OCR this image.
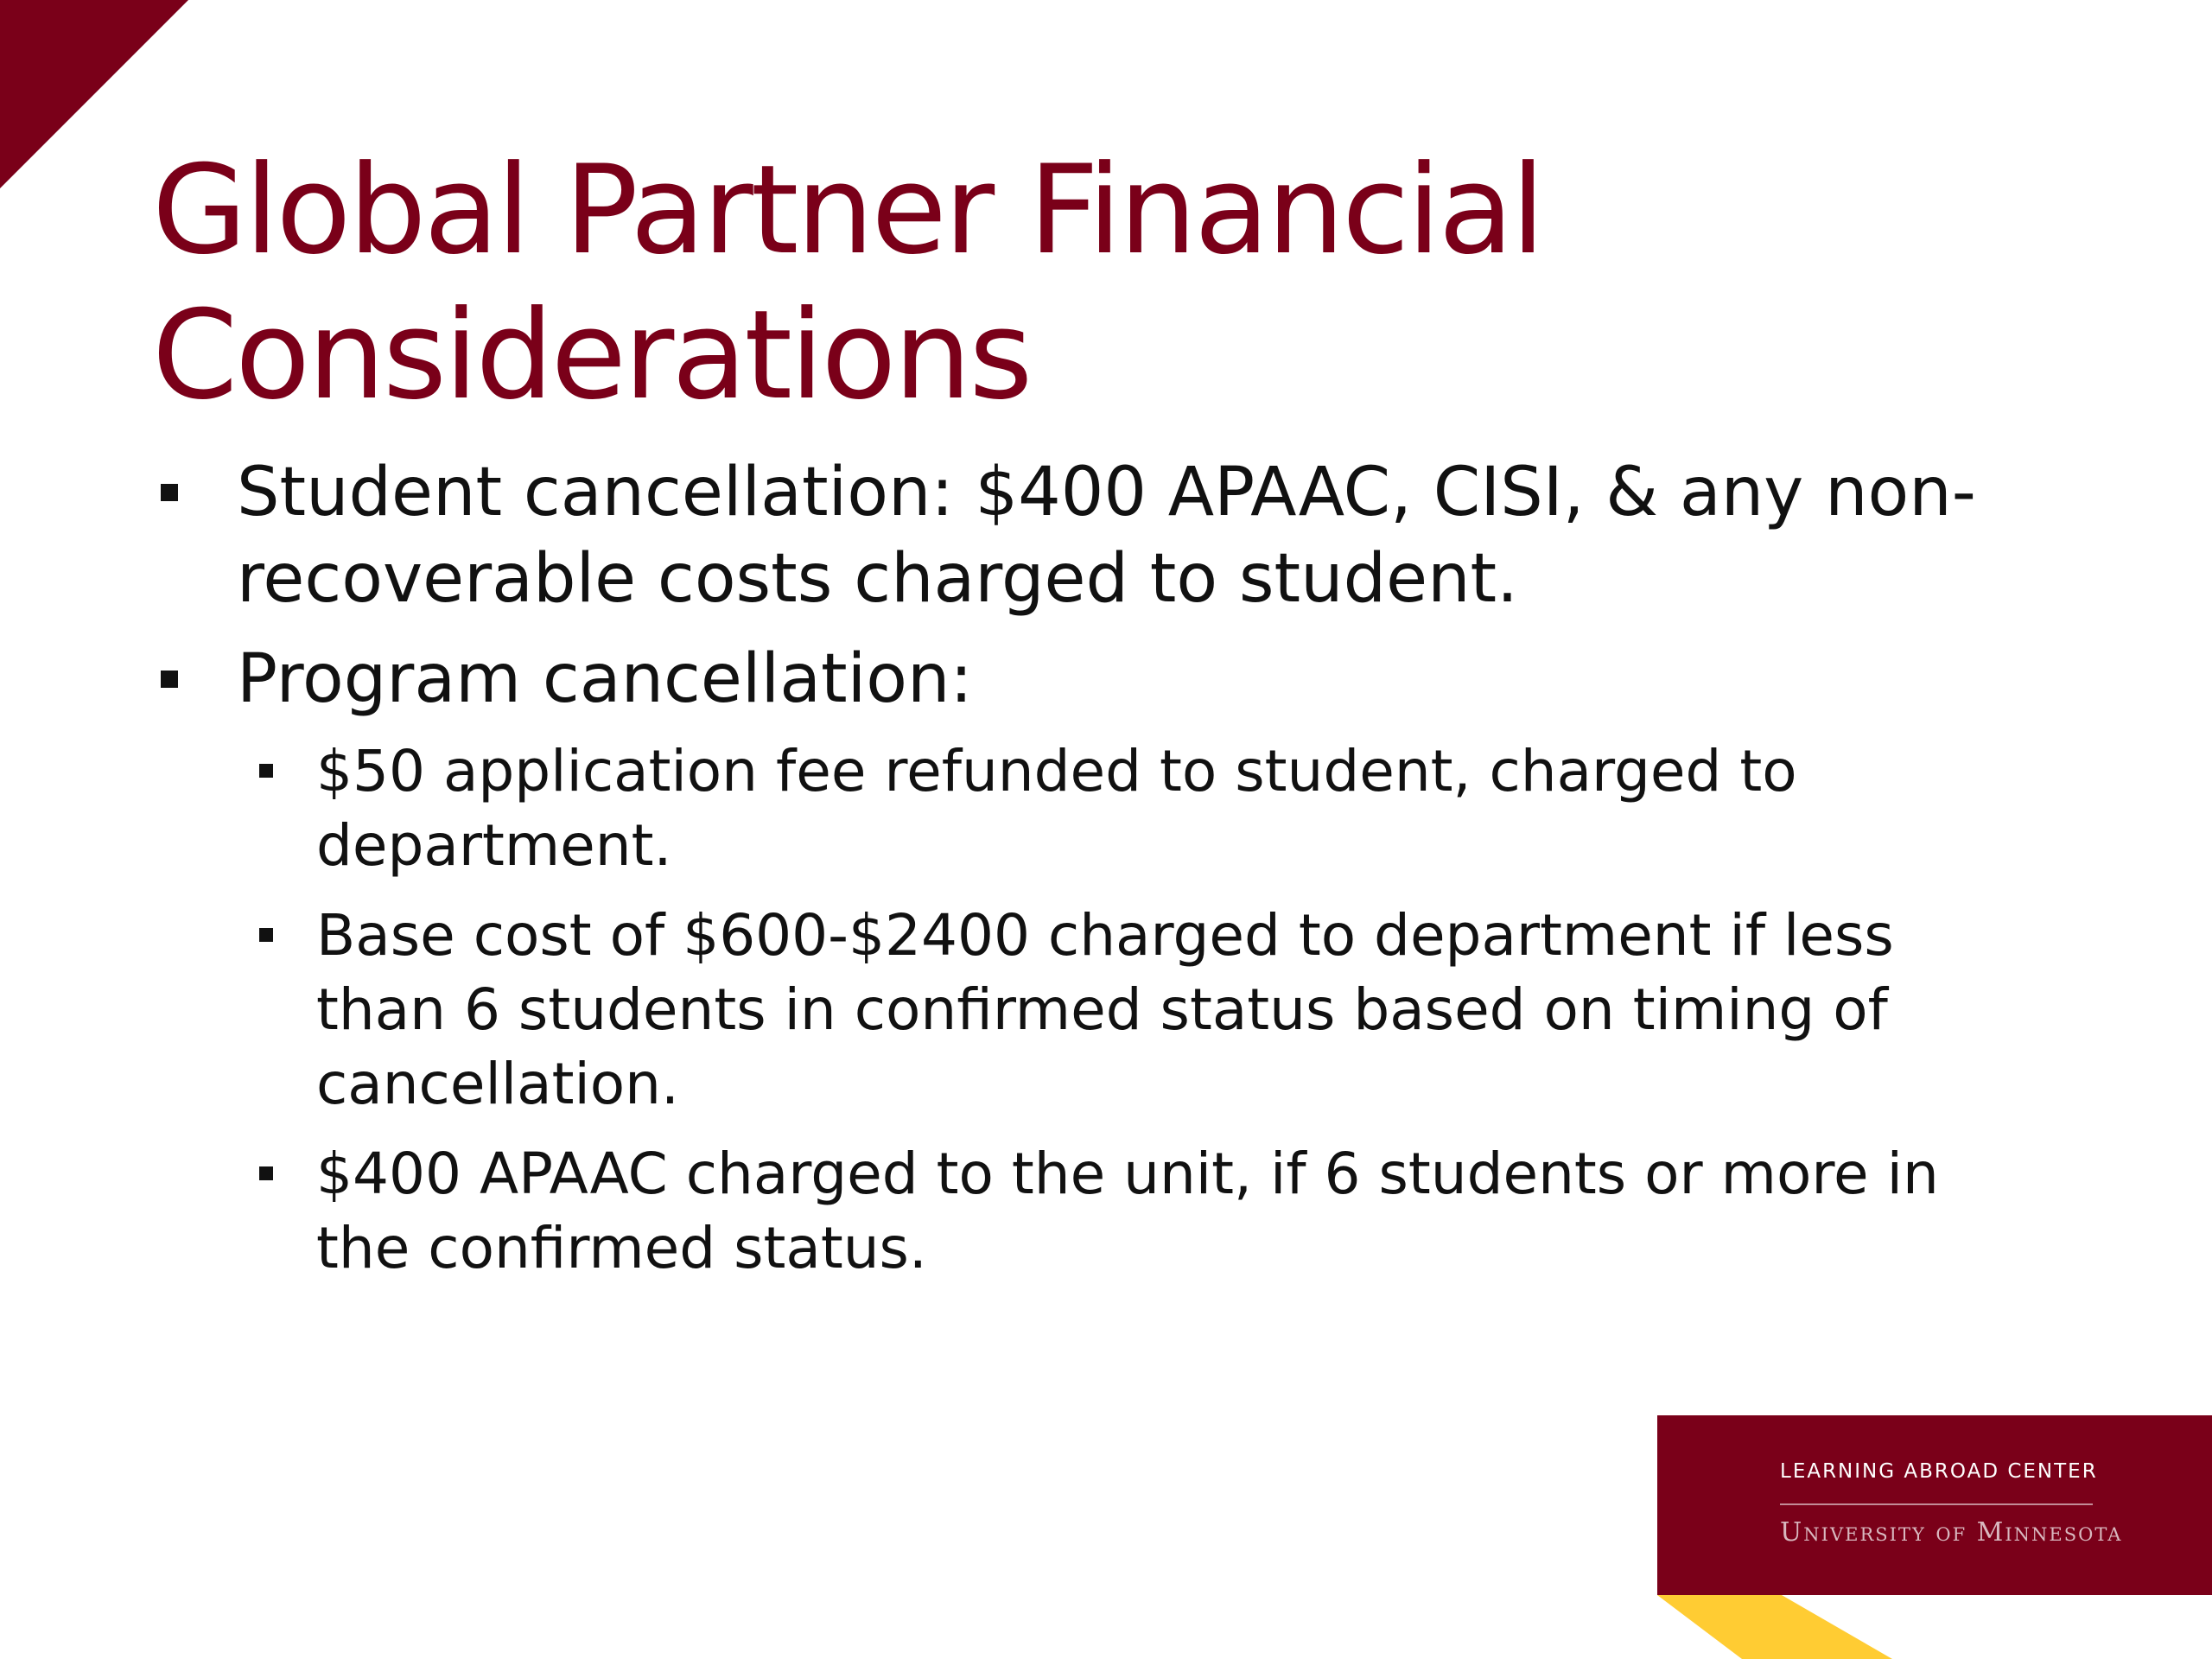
Global Partner Financial
Considerations
Student cancellation: $400 APAAC, CISI, & any non-recoverable costs charged to student.
Program cancellation:
$50 application fee refunded to student, charged to department.
Base cost of $600-$2400 charged to department if less than 6 students in confirmed status based on timing of cancellation.
$400 APAAC charged to the unit, if 6 students or more in the confirmed status.
LEARNING ABROAD CENTER
University of Minnesota
